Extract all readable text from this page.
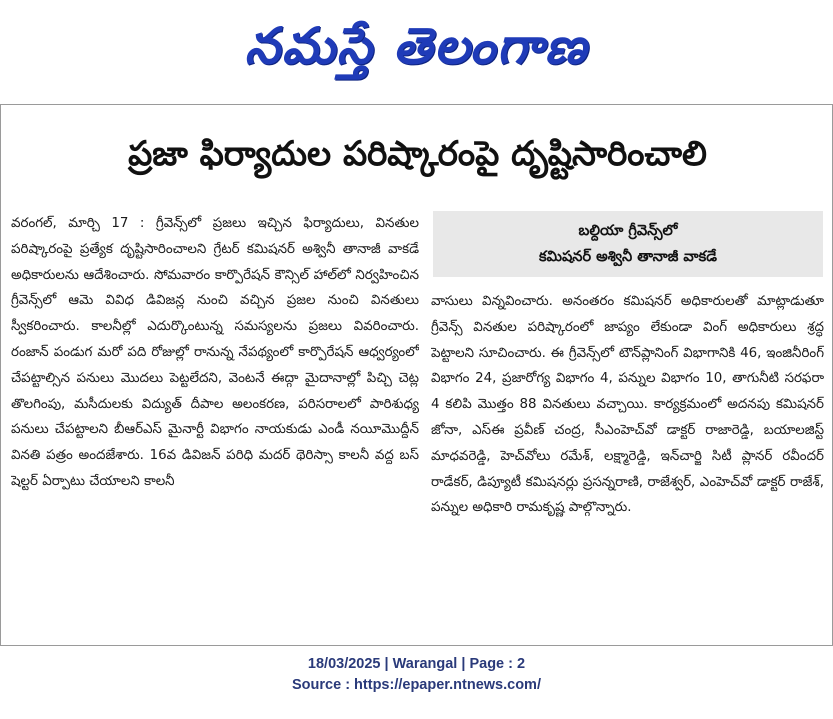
నమస్తే తెలంగాణ
ప్రజా ఫిర్యాదుల పరిష్కారంపై దృష్టిసారించాలి

వరంగల్, మార్చి 17 : గ్రీవెన్స్‌లో ప్రజలు ఇచ్చిన ఫిర్యాదులు, వినతుల పరిష్కారంపై ప్రత్యేక దృష్టిసారించాలని గ్రేటర్ కమిషనర్ అశ్వినీ తానాజీ వాకడే అధికారులను ఆదేశించారు. సోమవారం కార్పొరేషన్ కౌన్సిల్ హాల్‌లో నిర్వహించిన గ్రీవెన్స్‌లో ఆమె వివిధ డివిజన్ల నుంచి వచ్చిన ప్రజల నుంచి వినతులు స్వీకరించారు. కాలనీల్లో ఎదుర్కొంటున్న సమస్యలను ప్రజలు వివరించారు. రంజాన్ పండుగ మరో పది రోజుల్లో రానున్న నేపథ్యంలో కార్పొరేషన్ ఆధ్వర్యంలో చేపట్టాల్సిన పనులు మొదలు పెట్టలేదని, వెంటనే ఈద్గా మైదానాల్లో పిచ్చి చెట్ల తొలగింపు, మసీదులకు విద్యుత్ దీపాల అలంకరణ, పరిసరాలలో పారిశుధ్య పనులు చేపట్టాలని బీఆర్ఎస్ మైనార్టీ విభాగం నాయకుడు ఎండీ నయీమొద్దీన్ వినతి పత్రం అందజేశారు. 16వ డివిజన్ పరిధి మదర్ థెరిస్సా కాలనీ వద్ద బస్ షెల్టర్ ఏర్పాటు చేయాలని కాలనీ

బల్దియా గ్రీవెన్స్‌లో
కమిషనర్ అశ్వినీ తానాజీ వాకడే

వాసులు విన్నవించారు. అనంతరం కమిషనర్ అధికారులతో మాట్లాడుతూ గ్రీవెన్స్ వినతుల పరిష్కారంలో జాప్యం లేకుండా వింగ్ అధికారులు శ్రద్ధ పెట్టాలని సూచించారు. ఈ గ్రీవెన్స్‌లో టౌన్‌ప్లానింగ్ విభాగానికి 46, ఇంజినీరింగ్ విభాగం 24, ప్రజారోగ్య విభాగం 4, పన్నుల విభాగం 10, తాగునీటి సరఫరా 4 కలిపి మొత్తం 88 వినతులు వచ్చాయి. కార్యక్రమంలో అదనపు కమిషనర్ జోనా, ఎస్ఈ ప్రవీణ్ చంద్ర, సీఎంహెచ్‌వో డాక్టర్ రాజారెడ్డి, బయాలజిస్ట్ మాధవరెడ్డి, హెచ్‌వోలు రమేశ్, లక్ష్మారెడ్డి, ఇన్‌చార్జి సిటీ ప్లానర్ రవీందర్ రాడేకర్, డిప్యూటీ కమిషనర్లు ప్రసన్నరాణి, రాజేశ్వర్, ఎంహెచ్‌వో డాక్టర్ రాజేశ్, పన్నుల అధికారి రామకృష్ణ పాల్గొన్నారు.

18/03/2025 | Warangal | Page : 2
Source : https://epaper.ntnews.com/
